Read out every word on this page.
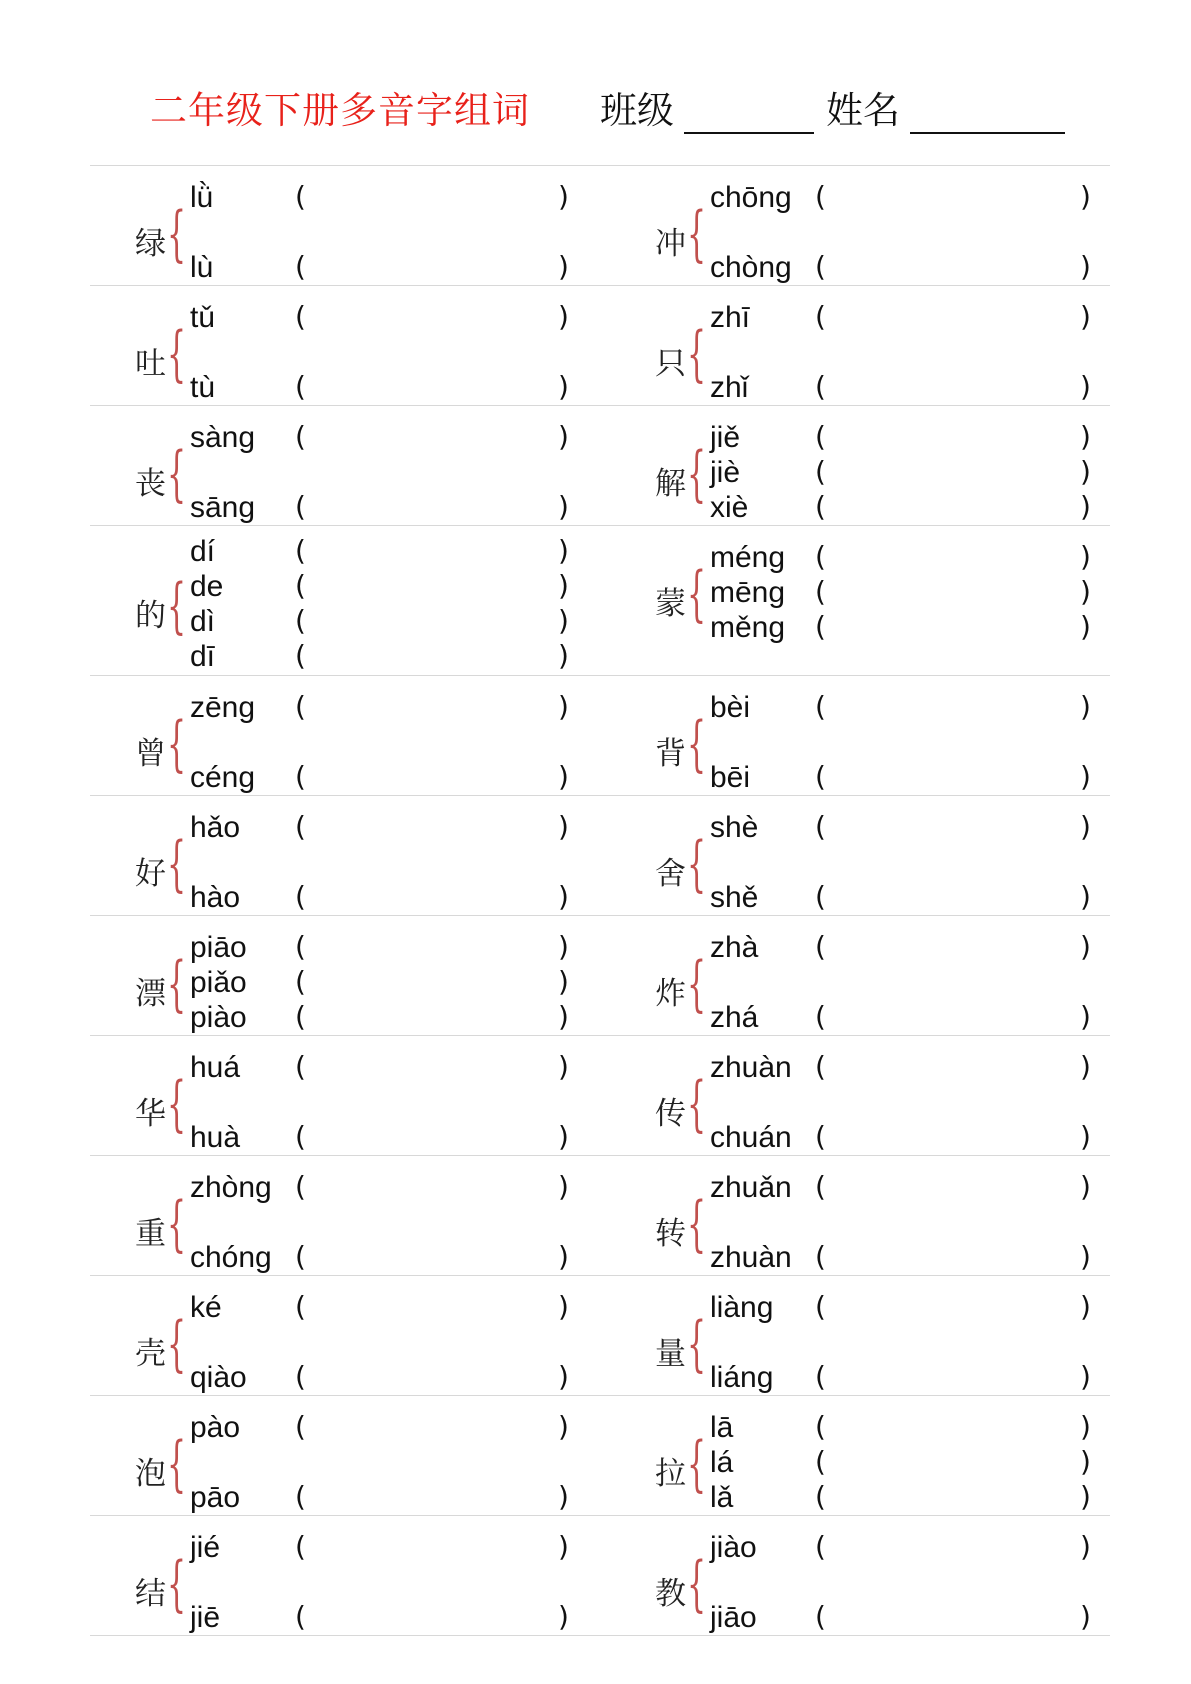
二年级下册多音字组词 班级	姓名
绿 {
lǜ	(	)
lù	(	)
吐 {
tǔ	(	)
tù	(	)
丧 {
sàng (	)
sāng (	)
的 {
dí	(	)
de	(	)
dì	(	)
dī	(	)
曾 {
zēng (	)
céng (	)
好 {
hǎo (	)
hào (	)
漂 {
piāo (	)
piǎo (	)
piào (	)
华 {
huá (	)
huà (	)
重 {
zhòng (	)
chóng (	)
壳 {
ké	(	)
qiào (	)
泡 {
pào (	)
pāo (	)
结 {
jié	(	)
jiē	(	)
冲 {
chōng (	)
chòng (	)
只 {
zhī (	)
zhǐ (	)
解 {
jiě	(	)
jiè	(	)
xiè (	)
蒙 {
méng (	)
mēng (	)
měng (	)
背 {
bèi (	)
bēi (	)
舍 {
shè (	)
shě (	)
炸 {
zhà (	)
zhá (	)
传 {
zhuàn (	)
chuán (	)
转 {
zhuǎn (	)
zhuàn (	)
量 {
liàng (	)
liáng (	)
拉 {
lā	(	)
lá	(	)
lǎ	(	)
教 {
jiào (	)
jiāo (	)
